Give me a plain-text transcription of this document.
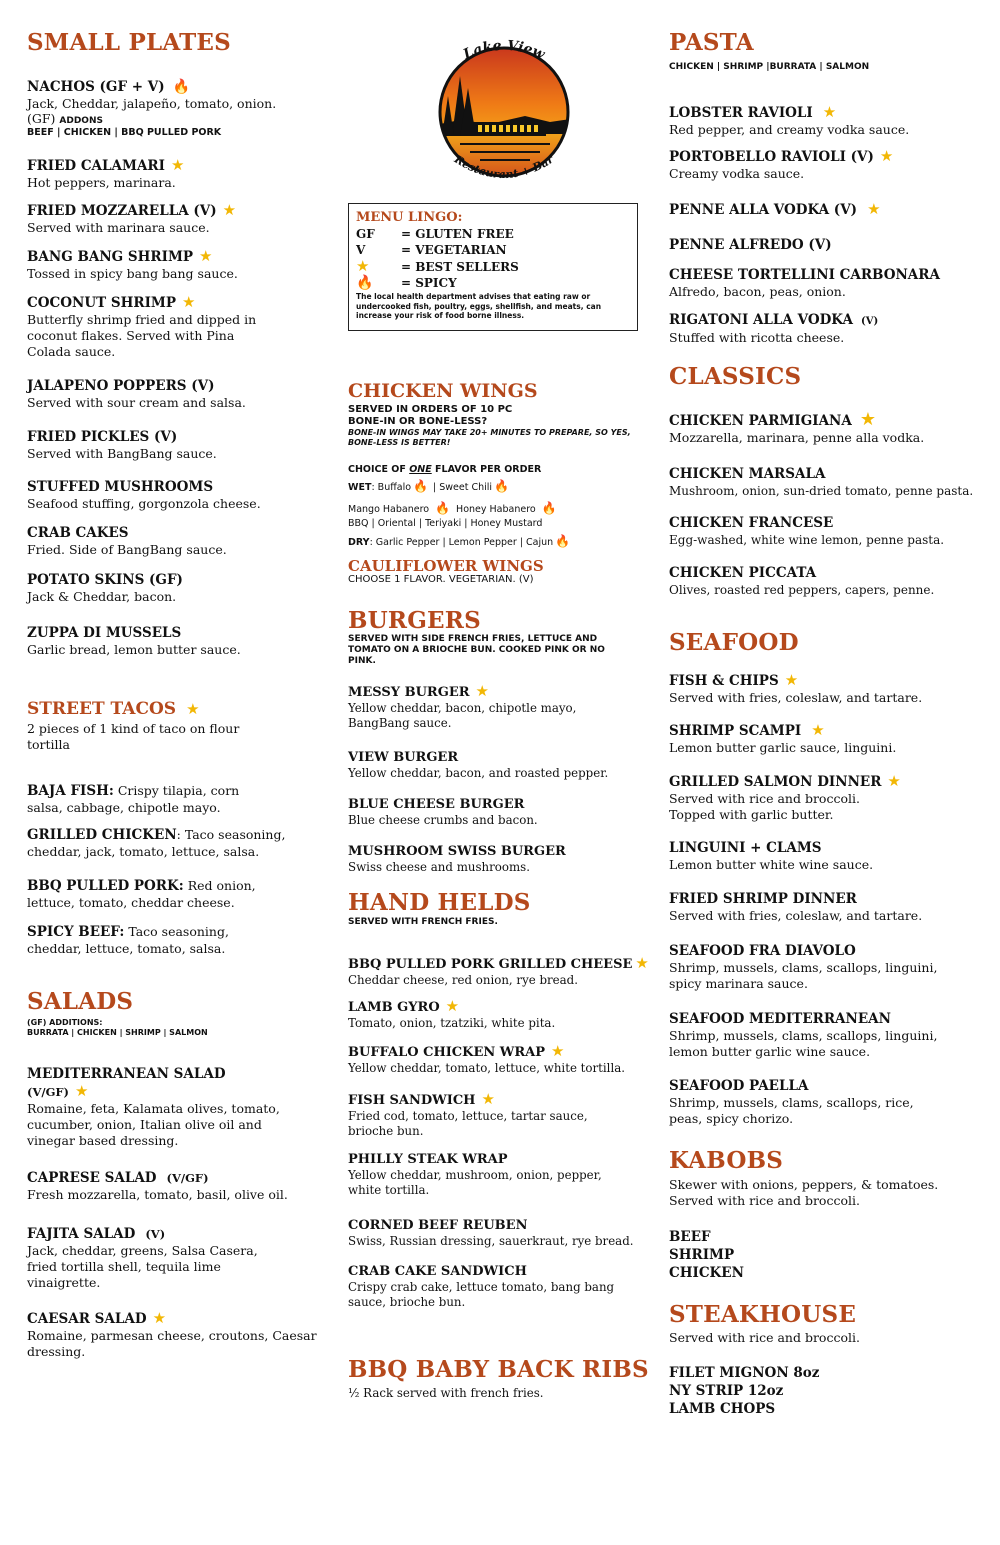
Lake View
Restaurant + Bar
MENU LINGO:
GF = GLUTEN FREE
V	= VEGETARIAN
★	= BEST SELLERS
🔥 = SPICY
The local health department advises that eating raw or undercooked fish, poultry, eggs, shellfish, and meats, can increase your risk of food borne illness.
SMALL PLATES
NACHOS (GF + V) 🔥
Jack, Cheddar, jalapeño, tomato, onion.
(GF) ADDONS
BEEF | CHICKEN | BBQ PULLED PORK
FRIED CALAMARI ★
Hot peppers, marinara.
FRIED MOZZARELLA (V) ★
Served with marinara sauce.
BANG BANG SHRIMP ★
Tossed in spicy bang bang sauce.
COCONUT SHRIMP ★
Butterfly shrimp fried and dipped in coconut flakes. Served with Pina Colada sauce.
JALAPENO POPPERS (V)
Served with sour cream and salsa.
FRIED PICKLES (V)
Served with BangBang sauce.
STUFFED MUSHROOMS
Seafood stuffing, gorgonzola cheese.
CRAB CAKES
Fried. Side of BangBang sauce.
POTATO SKINS (GF)
Jack & Cheddar, bacon.
ZUPPA DI MUSSELS
Garlic bread, lemon butter sauce.
STREET TACOS ★
2 pieces of 1 kind of taco on flour tortilla
BAJA FISH: Crispy tilapia, corn salsa, cabbage, chipotle mayo.
GRILLED CHICKEN: Taco seasoning, cheddar, jack, tomato, lettuce, salsa.
BBQ PULLED PORK: Red onion, lettuce, tomato, cheddar cheese.
SPICY BEEF: Taco seasoning, cheddar, lettuce, tomato, salsa.
SALADS
(GF) ADDITIONS:
BURRATA | CHICKEN | SHRIMP | SALMON
MEDITERRANEAN SALAD
(V/GF) ★
Romaine, feta, Kalamata olives, tomato, cucumber, onion, Italian olive oil and vinegar based dressing.
CAPRESE SALAD (V/GF)
Fresh mozzarella, tomato, basil, olive oil.
FAJITA SALAD (V)
Jack, cheddar, greens, Salsa Casera, fried tortilla shell, tequila lime vinaigrette.
CAESAR SALAD ★
Romaine, parmesan cheese, croutons, Caesar dressing.
CHICKEN WINGS
SERVED IN ORDERS OF 10 PC
BONE-IN OR BONE-LESS?
BONE-IN WINGS MAY TAKE 20+ MINUTES TO PREPARE, SO YES, BONE-LESS IS BETTER!
CHOICE OF ONE FLAVOR PER ORDER
WET: Buffalo 🔥 | Sweet Chili 🔥
Mango Habanero 🔥 Honey Habanero 🔥
BBQ | Oriental | Teriyaki | Honey Mustard
DRY: Garlic Pepper | Lemon Pepper | Cajun 🔥
CAULIFLOWER WINGS
CHOOSE 1 FLAVOR. VEGETARIAN. (V)
BURGERS
SERVED WITH SIDE FRENCH FRIES, LETTUCE AND TOMATO ON A BRIOCHE BUN. COOKED PINK OR NO PINK.
MESSY BURGER ★
Yellow cheddar, bacon, chipotle mayo, BangBang sauce.
VIEW BURGER
Yellow cheddar, bacon, and roasted pepper.
BLUE CHEESE BURGER
Blue cheese crumbs and bacon.
MUSHROOM SWISS BURGER
Swiss cheese and mushrooms.
HAND HELDS
SERVED WITH FRENCH FRIES.
BBQ PULLED PORK GRILLED CHEESE ★
Cheddar cheese, red onion, rye bread.
LAMB GYRO ★
Tomato, onion, tzatziki, white pita.
BUFFALO CHICKEN WRAP ★
Yellow cheddar, tomato, lettuce, white tortilla.
FISH SANDWICH ★
Fried cod, tomato, lettuce, tartar sauce, brioche bun.
PHILLY STEAK WRAP
Yellow cheddar, mushroom, onion, pepper, white tortilla.
CORNED BEEF REUBEN
Swiss, Russian dressing, sauerkraut, rye bread.
CRAB CAKE SANDWICH
Crispy crab cake, lettuce tomato, bang bang sauce, brioche bun.
BBQ BABY BACK RIBS
½ Rack served with french fries.
PASTA
CHICKEN | SHRIMP |BURRATA | SALMON
LOBSTER RAVIOLI ★
Red pepper, and creamy vodka sauce.
PORTOBELLO RAVIOLI (V) ★
Creamy vodka sauce.
PENNE ALLA VODKA (V) ★
PENNE ALFREDO (V)
CHEESE TORTELLINI CARBONARA
Alfredo, bacon, peas, onion.
RIGATONI ALLA VODKA (V)
Stuffed with ricotta cheese.
CLASSICS
CHICKEN PARMIGIANA ★
Mozzarella, marinara, penne alla vodka.
CHICKEN MARSALA
Mushroom, onion, sun-dried tomato, penne pasta.
CHICKEN FRANCESE
Egg-washed, white wine lemon, penne pasta.
CHICKEN PICCATA
Olives, roasted red peppers, capers, penne.
SEAFOOD
FISH & CHIPS ★
Served with fries, coleslaw, and tartare.
SHRIMP SCAMPI ★
Lemon butter garlic sauce, linguini.
GRILLED SALMON DINNER ★
Served with rice and broccoli. Topped with garlic butter.
LINGUINI + CLAMS
Lemon butter white wine sauce.
FRIED SHRIMP DINNER
Served with fries, coleslaw, and tartare.
SEAFOOD FRA DIAVOLO
Shrimp, mussels, clams, scallops, linguini, spicy marinara sauce.
SEAFOOD MEDITERRANEAN
Shrimp, mussels, clams, scallops, linguini, lemon butter garlic wine sauce.
SEAFOOD PAELLA
Shrimp, mussels, clams, scallops, rice, peas, spicy chorizo.
KABOBS
Skewer with onions, peppers, & tomatoes. Served with rice and broccoli.
BEEF
SHRIMP
CHICKEN
STEAKHOUSE
Served with rice and broccoli.
FILET MIGNON 8oz
NY STRIP 12oz
LAMB CHOPS
